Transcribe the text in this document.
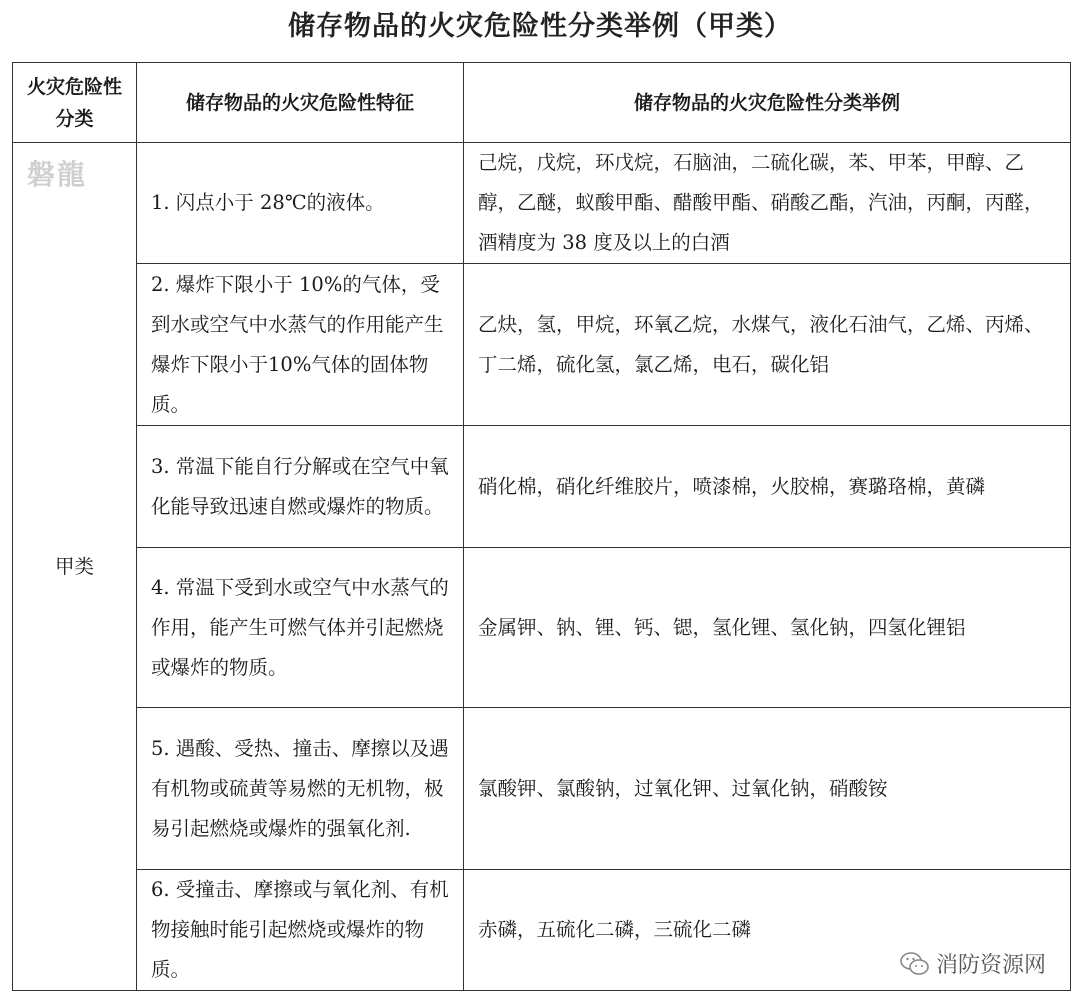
储存物品的火灾危险性分类举例（甲类）
火灾危险性分类	储存物品的火灾危险性特征	储存物品的火灾危险性分类举例

磐龍
甲类	1. 闪点小于 28℃的液体。	己烷，戊烷，环戊烷，石脑油，二硫化碳，苯、甲苯，甲醇、乙醇，乙醚，蚁酸甲酯、醋酸甲酯、硝酸乙酯，汽油，丙酮，丙醛，酒精度为 38 度及以上的白酒
	2. 爆炸下限小于 10%的气体，受到水或空气中水蒸气的作用能产生爆炸下限小于10%气体的固体物质。	乙炔，氢，甲烷，环氧乙烷，水煤气，液化石油气，乙烯、丙烯、丁二烯，硫化氢，氯乙烯，电石，碳化铝
	3. 常温下能自行分解或在空气中氧化能导致迅速自燃或爆炸的物质。	硝化棉，硝化纤维胶片，喷漆棉，火胶棉，赛璐珞棉，黄磷
	4. 常温下受到水或空气中水蒸气的作用，能产生可燃气体并引起燃烧或爆炸的物质。	金属钾、钠、锂、钙、锶，氢化锂、氢化钠，四氢化锂铝
	5. 遇酸、受热、撞击、摩擦以及遇有机物或硫黄等易燃的无机物，极易引起燃烧或爆炸的强氧化剂.	氯酸钾、氯酸钠，过氧化钾、过氧化钠，硝酸铵
	6. 受撞击、摩擦或与氧化剂、有机物接触时能引起燃烧或爆炸的物质。	赤磷，五硫化二磷，三硫化二磷
消防资源网
